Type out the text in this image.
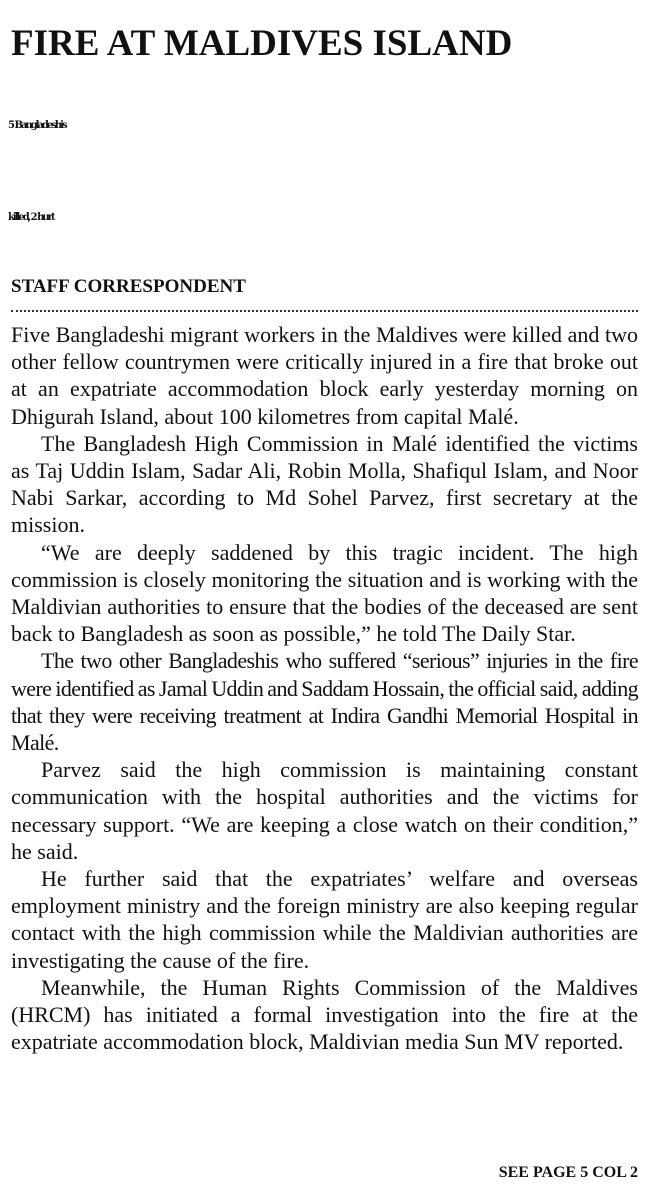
FIRE AT MALDIVES ISLAND
5 Bangladeshis
killed, 2 hurt
STAFF CORRESPONDENT

Five Bangladeshi migrant workers in the Maldives were killed and two other fellow countrymen were critically injured in a fire that broke out at an expatriate accommodation block early yesterday morning on Dhigurah Island, about 100 kilometres from capital Malé.

The Bangladesh High Commission in Malé identified the victims as Taj Uddin Islam, Sadar Ali, Robin Molla, Shafiqul Islam, and Noor Nabi Sarkar, according to Md Sohel Parvez, first secretary at the mission.

“We are deeply saddened by this tragic incident. The high commission is closely monitoring the situation and is working with the Maldivian authorities to ensure that the bodies of the deceased are sent back to Bangladesh as soon as possible,” he told The Daily Star.

The two other Bangladeshis who suffered “serious” injuries in the fire were identified as Jamal Uddin and Saddam Hossain, the official said, adding that they were receiving treatment at Indira Gandhi Memorial Hospital in Malé.

Parvez said the high commission is maintaining constant communication with the hospital authorities and the victims for necessary support. “We are keeping a close watch on their condition,” he said.

He further said that the expatriates’ welfare and overseas employment ministry and the foreign ministry are also keeping regular contact with the high commission while the Maldivian authorities are investigating the cause of the fire.

Meanwhile, the Human Rights Commission of the Maldives (HRCM) has initiated a formal investigation into the fire at the expatriate accommodation block, Maldivian media Sun MV reported.

SEE PAGE 5 COL 2
